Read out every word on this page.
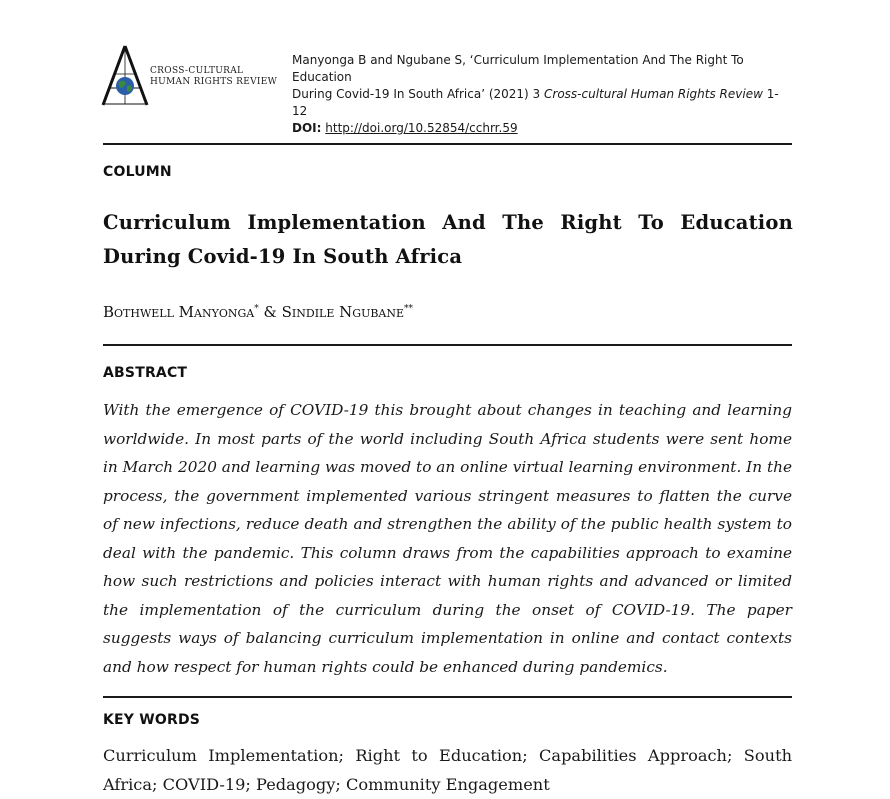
CROSS-CULTURAL
HUMAN RIGHTS REVIEW
Manyonga B and Ngubane S, ‘Curriculum Implementation And The Right To Education
During Covid-19 In South Africa’ (2021) 3 Cross-cultural Human Rights Review 1-12
DOI: http://doi.org/10.52854/cchrr.59
COLUMN
Curriculum Implementation And The Right To Education During Covid-19 In South Africa
Bothwell Manyonga* & Sindile Ngubane**
ABSTRACT
With the emergence of COVID-19 this brought about changes in teaching and learning worldwide. In most parts of the world including South Africa students were sent home in March 2020 and learning was moved to an online virtual learning environment. In the process, the government implemented various stringent measures to flatten the curve of new infections, reduce death and strengthen the ability of the public health system to deal with the pandemic. This column draws from the capabilities approach to examine how such restrictions and policies interact with human rights and advanced or limited the implementation of the curriculum during the onset of COVID-19. The paper suggests ways of balancing curriculum implementation in online and contact contexts and how respect for human rights could be enhanced during pandemics.
KEY WORDS
Curriculum Implementation; Right to Education; Capabilities Approach; South Africa; COVID-19; Pedagogy; Community Engagement
